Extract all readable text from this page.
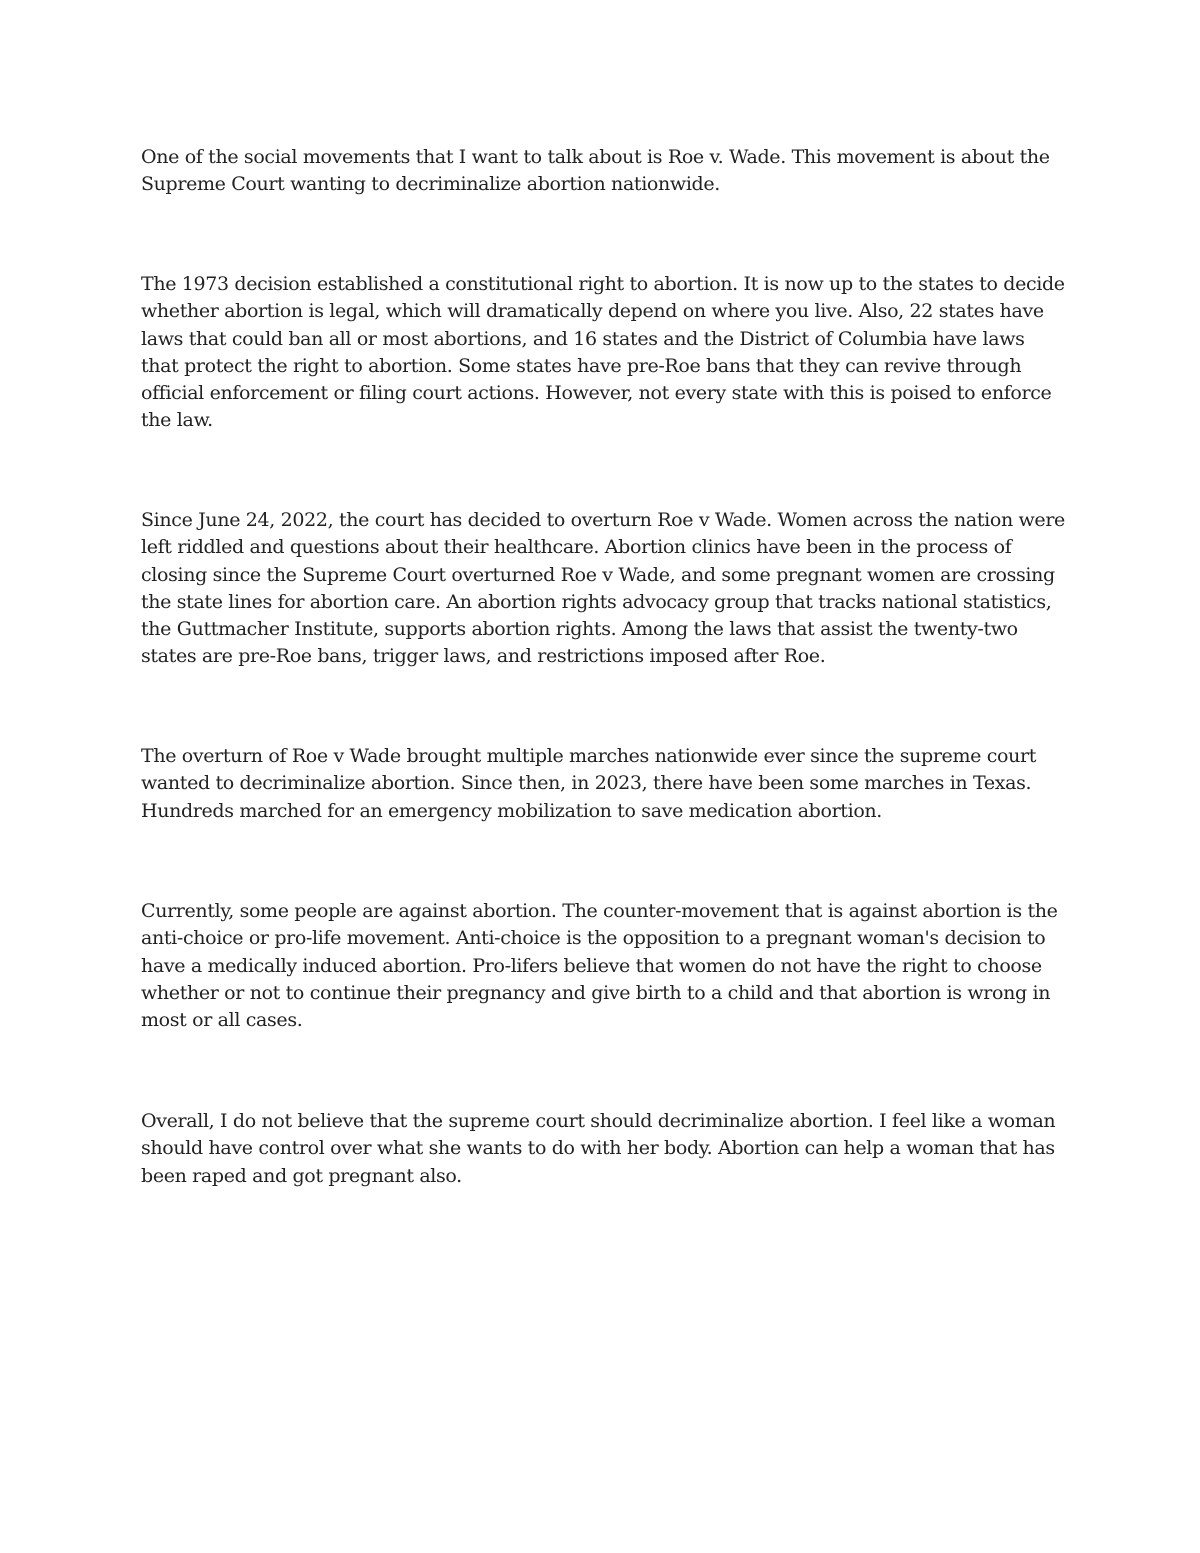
One of the social movements that I want to talk about is Roe v. Wade. This movement is about the Supreme Court wanting to decriminalize abortion nationwide.

The 1973 decision established a constitutional right to abortion. It is now up to the states to decide whether abortion is legal, which will dramatically depend on where you live. Also, 22 states have laws that could ban all or most abortions, and 16 states and the District of Columbia have laws that protect the right to abortion. Some states have pre-Roe bans that they can revive through official enforcement or filing court actions. However, not every state with this is poised to enforce the law.

Since June 24, 2022, the court has decided to overturn Roe v Wade. Women across the nation were left riddled and questions about their healthcare. Abortion clinics have been in the process of closing since the Supreme Court overturned Roe v Wade, and some pregnant women are crossing the state lines for abortion care. An abortion rights advocacy group that tracks national statistics, the Guttmacher Institute, supports abortion rights. Among the laws that assist the twenty-two states are pre-Roe bans, trigger laws, and restrictions imposed after Roe.

The overturn of Roe v Wade brought multiple marches nationwide ever since the supreme court wanted to decriminalize abortion. Since then, in 2023, there have been some marches in Texas. Hundreds marched for an emergency mobilization to save medication abortion.

Currently, some people are against abortion. The counter-movement that is against abortion is the anti-choice or pro-life movement. Anti-choice is the opposition to a pregnant woman's decision to have a medically induced abortion. Pro-lifers believe that women do not have the right to choose whether or not to continue their pregnancy and give birth to a child and that abortion is wrong in most or all cases.

Overall, I do not believe that the supreme court should decriminalize abortion. I feel like a woman should have control over what she wants to do with her body. Abortion can help a woman that has been raped and got pregnant also.
